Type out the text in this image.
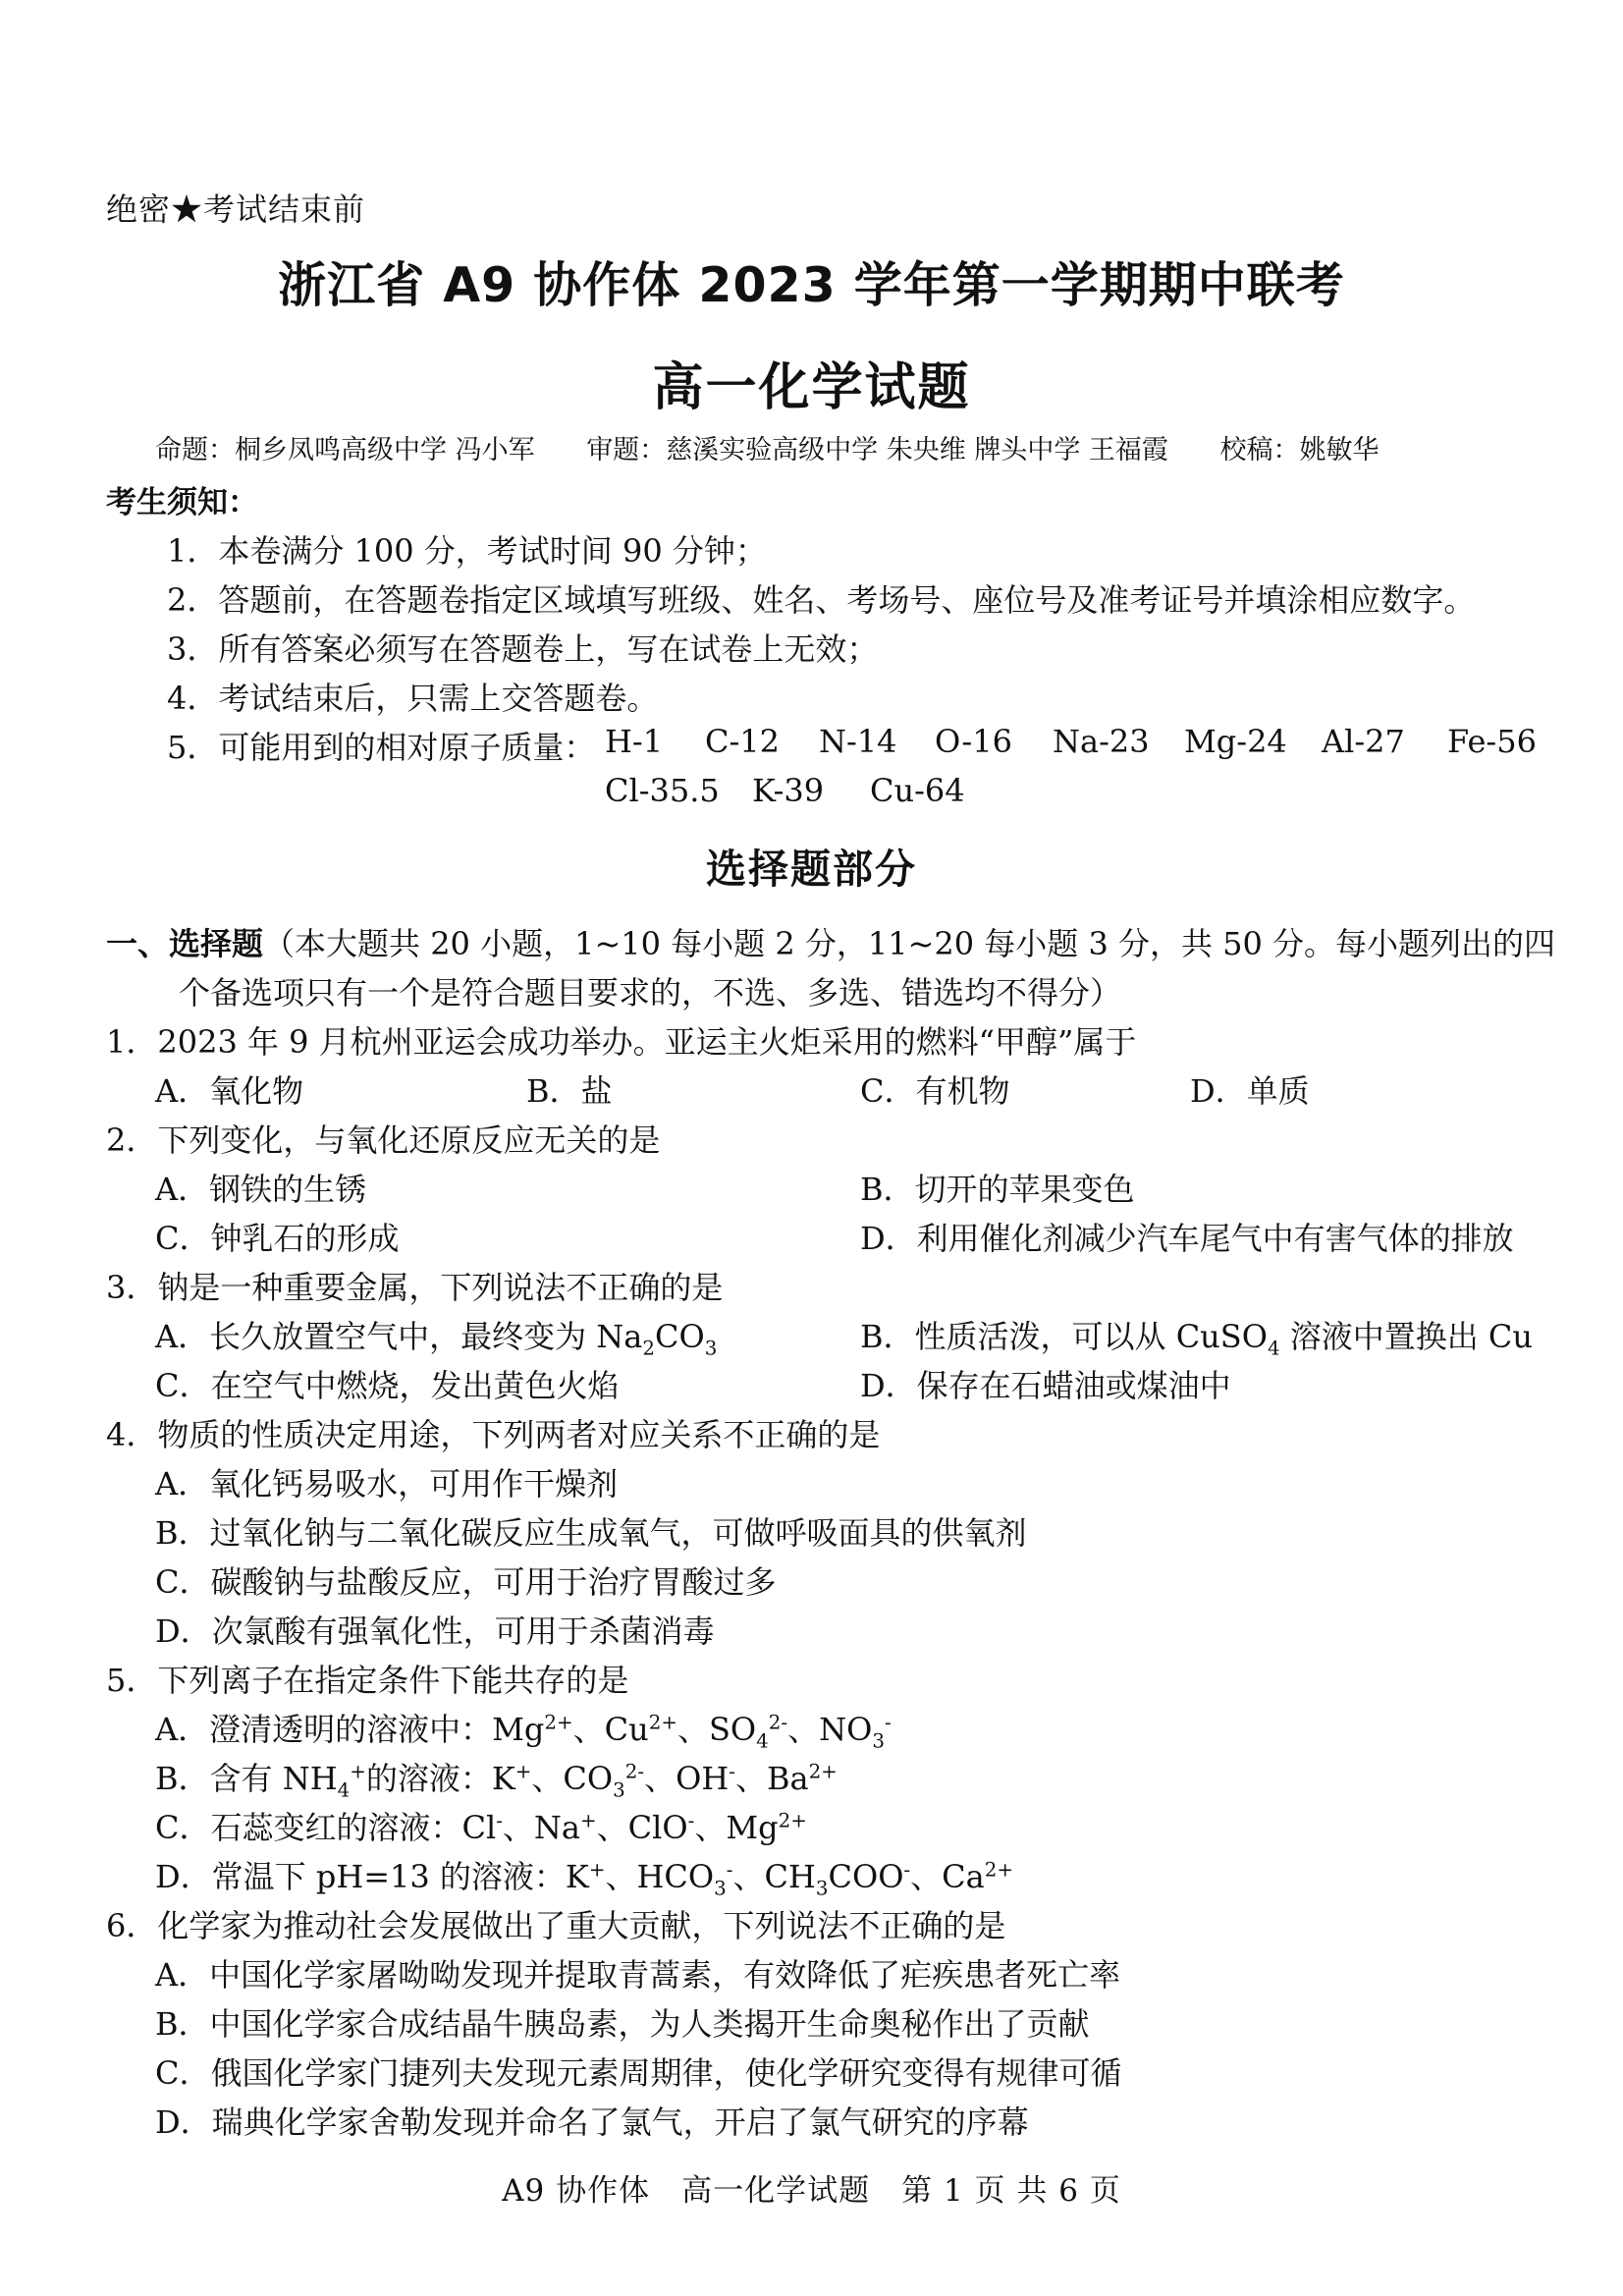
绝密★考试结束前
浙江省 A9 协作体 2023 学年第一学期期中联考
高一化学试题
命题：桐乡凤鸣高级中学 冯小军 审题：慈溪实验高级中学 朱央维 牌头中学 王福霞 校稿：姚敏华
考生须知：
1．本卷满分 100 分，考试时间 90 分钟；
2．答题前，在答题卷指定区域填写班级、姓名、考场号、座位号及准考证号并填涂相应数字。
3．所有答案必须写在答题卷上，写在试卷上无效；
4．考试结束后，只需上交答题卷。
5．可能用到的相对原子质量： H-1 C-12 N-14 O-16 Na-23 Mg-24 Al-27 Fe-56
Cl-35.5 K-39 Cu-64
选择题部分
一、选择题（本大题共 20 小题，1~10 每小题 2 分，11~20 每小题 3 分，共 50 分。每小题列出的四
个备选项只有一个是符合题目要求的，不选、多选、错选均不得分）
1．2023 年 9 月杭州亚运会成功举办。亚运主火炬采用的燃料“甲醇”属于
A．氧化物	B．盐	C．有机物	D．单质
2．下列变化，与氧化还原反应无关的是
A．钢铁的生锈	B．切开的苹果变色
C．钟乳石的形成	D．利用催化剂减少汽车尾气中有害气体的排放
3．钠是一种重要金属，下列说法不正确的是
A．长久放置空气中，最终变为 $Na_2CO_3$	B．性质活泼，可以从 CuSO$_4$ 溶液中置换出 Cu
C．在空气中燃烧，发出黄色火焰	D．保存在石蜡油或煤油中
4．物质的性质决定用途，下列两者对应关系不正确的是
A．氧化钙易吸水，可用作干燥剂
B．过氧化钠与二氧化碳反应生成氧气，可做呼吸面具的供氧剂
C．碳酸钠与盐酸反应，可用于治疗胃酸过多
D．次氯酸有强氧化性，可用于杀菌消毒
5．下列离子在指定条件下能共存的是
A．澄清透明的溶液中：$Mg^{2+}$、$Cu^{2+}$、$SO_4^{2-}$、$NO_3^-$
B．含有 $NH_4^+$的溶液：K+、$CO_3^{2-}$、OH-、$Ba^{2+}$
C．石蕊变红的溶液：Cl-、Na+、ClO-、$Mg^{2+}$
D．常温下 pH=13 的溶液：K+、$HCO_3^-$、$CH_3COO^-$、$Ca^{2+}$
6．化学家为推动社会发展做出了重大贡献，下列说法不正确的是
A．中国化学家屠呦呦发现并提取青蒿素，有效降低了疟疾患者死亡率
B．中国化学家合成结晶牛胰岛素，为人类揭开生命奥秘作出了贡献
C．俄国化学家门捷列夫发现元素周期律，使化学研究变得有规律可循
D．瑞典化学家舍勒发现并命名了氯气，开启了氯气研究的序幕
A9 协作体　高一化学试题　第 1 页 共 6 页
